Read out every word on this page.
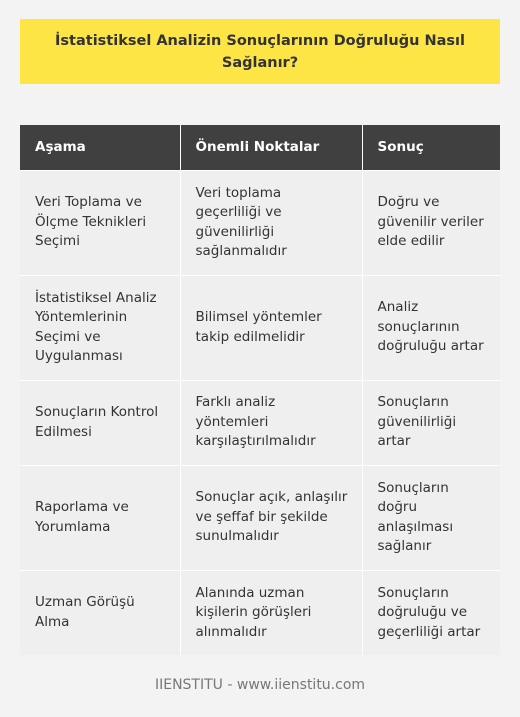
İstatistiksel Analizin Sonuçlarının Doğruluğu Nasıl Sağlanır?
Aşama	Önemli Noktalar	Sonuç
Veri Toplama ve Ölçme Teknikleri Seçimi	Veri toplama geçerliliği ve güvenilirliği sağlanmalıdır	Doğru ve güvenilir veriler elde edilir
İstatistiksel Analiz Yöntemlerinin Seçimi ve Uygulanması	Bilimsel yöntemler takip edilmelidir	Analiz sonuçlarının doğruluğu artar
Sonuçların Kontrol Edilmesi	Farklı analiz yöntemleri karşılaştırılmalıdır	Sonuçların güvenilirliği artar
Raporlama ve Yorumlama	Sonuçlar açık, anlaşılır ve şeffaf bir şekilde sunulmalıdır	Sonuçların doğru anlaşılması sağlanır
Uzman Görüşü Alma	Alanında uzman kişilerin görüşleri alınmalıdır	Sonuçların doğruluğu ve geçerliliği artar
IIENSTITU - www.iienstitu.com
